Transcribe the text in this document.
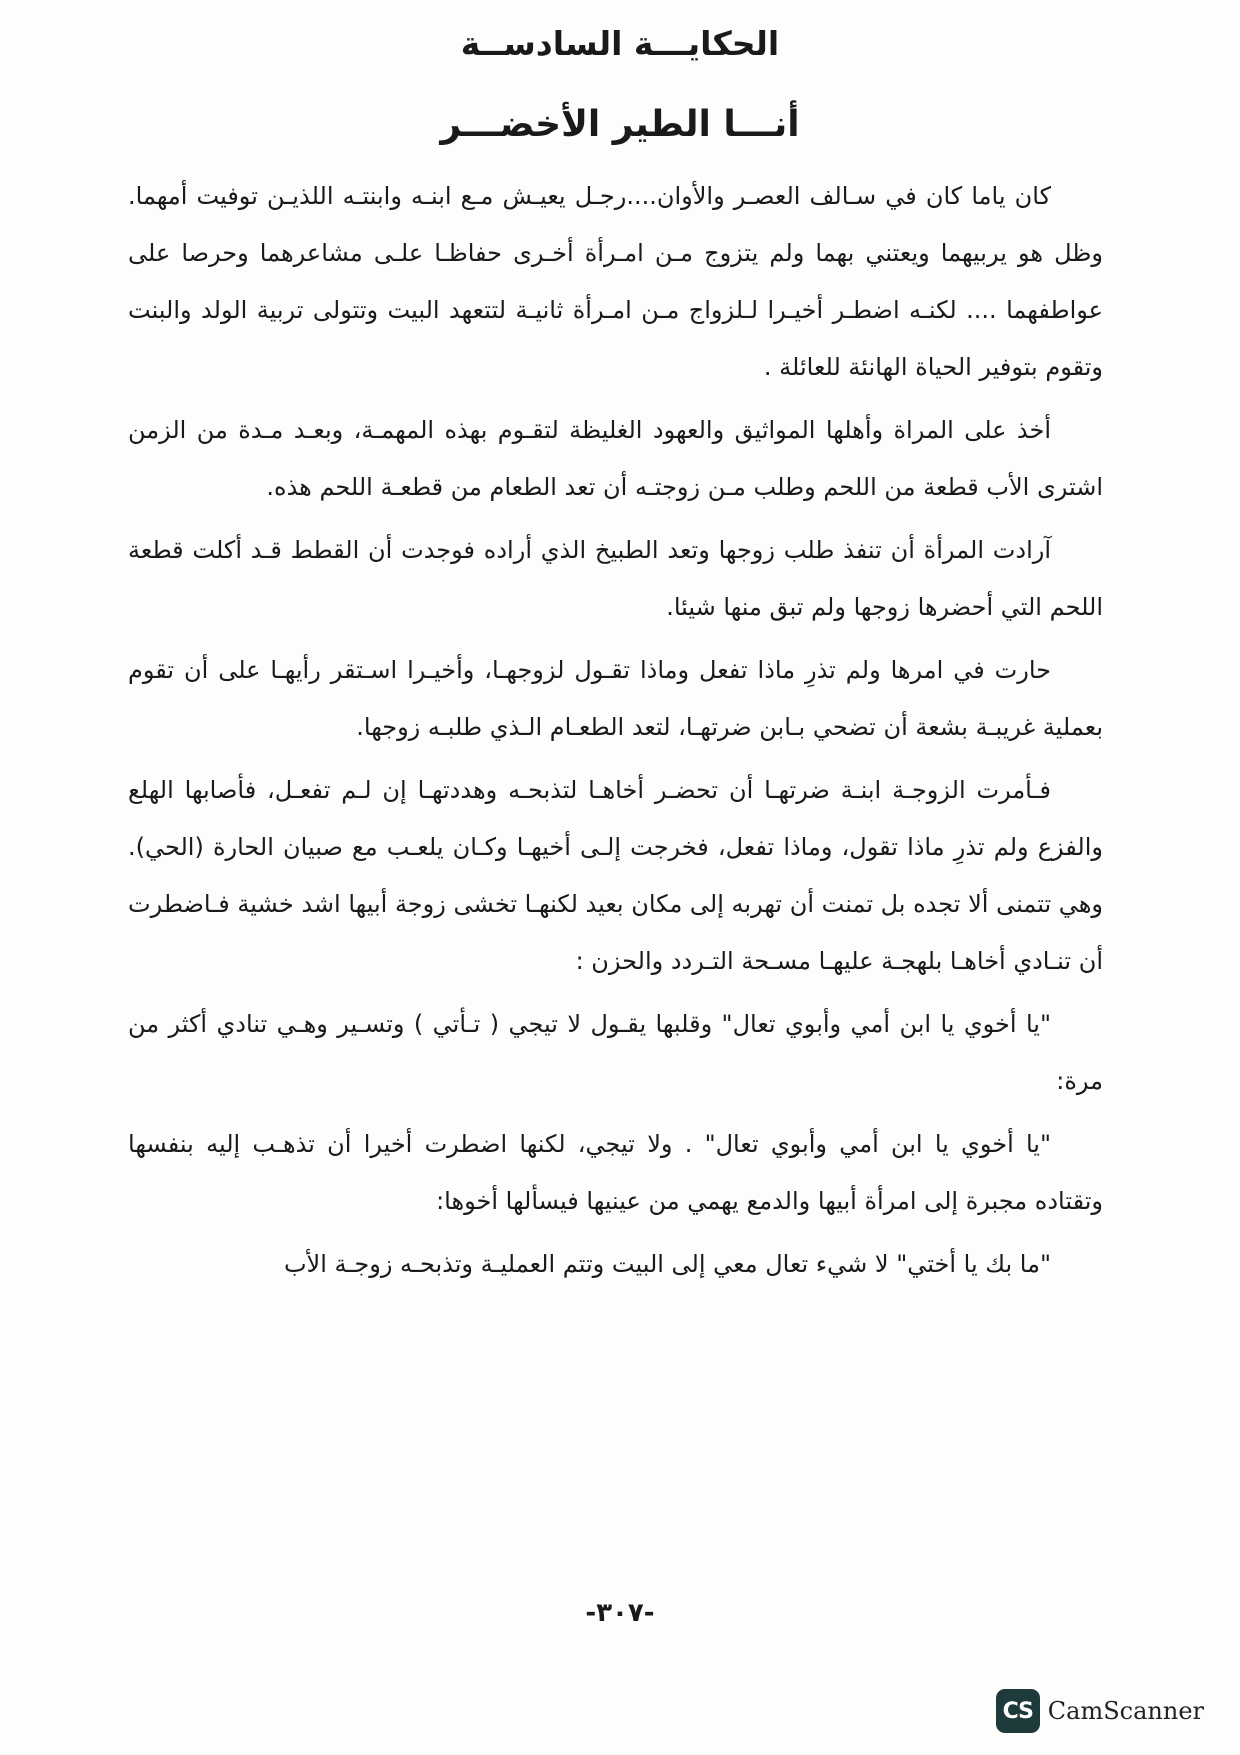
الحكايـــة السادســة
أنـــا الطير الأخضـــر

كان ياما كان في سـالف العصـر والأوان....رجـل يعيـش مـع ابنـه وابنتـه اللذيـن توفيت أمهما. وظل هو يربيهما ويعتني بهما ولم يتزوج مـن امـرأة أخـرى حفاظـا علـى مشاعرهما وحرصا على عواطفهما .... لكنـه اضطـر أخيـرا لـلزواج مـن امـرأة ثانيـة لتتعهد البيت وتتولى تربية الولد والبنت وتقوم بتوفير الحياة الهانئة للعائلة .

أخذ على المراة وأهلها المواثيق والعهود الغليظة لتقـوم بهذه المهمـة، وبعـد مـدة من الزمن اشترى الأب قطعة من اللحم وطلب مـن زوجتـه أن تعد الطعام من قطعـة اللحم هذه.

آرادت المرأة أن تنفذ طلب زوجها وتعد الطبيخ الذي أراده فوجدت أن القطط قـد أكلت قطعة اللحم التي أحضرها زوجها ولم تبق منها شيئا.

حارت في امرها ولم تذرِ ماذا تفعل وماذا تقـول لزوجهـا، وأخيـرا اسـتقر رأيهـا على أن تقوم بعملية غريبـة بشعة أن تضحي بـابن ضرتهـا، لتعد الطعـام الـذي طلبـه زوجها.

فـأمرت الزوجـة ابنـة ضرتهـا أن تحضـر أخاهـا لتذبحـه وهددتهـا إن لـم تفعـل، فأصابها الهلع والفزع ولم تذرِ ماذا تقول، وماذا تفعل، فخرجت إلـى أخيهـا وكـان يلعـب مع صبيان الحارة (الحي). وهي تتمنى ألا تجده بل تمنت أن تهربه إلى مكان بعيد لكنهـا تخشى زوجة أبيها اشد خشية فـاضطرت أن تنـادي أخاهـا بلهجـة عليهـا مسـحة التـردد والحزن :

"يا أخوي يا ابن أمي وأبوي تعال" وقلبها يقـول لا تيجي ( تـأتي ) وتسـير وهـي تنادي أكثر من مرة:

"يا أخوي يا ابن أمي وأبوي تعال" . ولا تيجي، لكنها اضطرت أخيرا أن تذهـب إليه بنفسها وتقتاده مجبرة إلى امرأة أبيها والدمع يهمي من عينيها فيسألها أخوها:

"ما بك يا أختي" لا شيء تعال معي إلى البيت وتتم العمليـة وتذبحـه زوجـة الأب

-٣٠٧-
CS CamScanner
